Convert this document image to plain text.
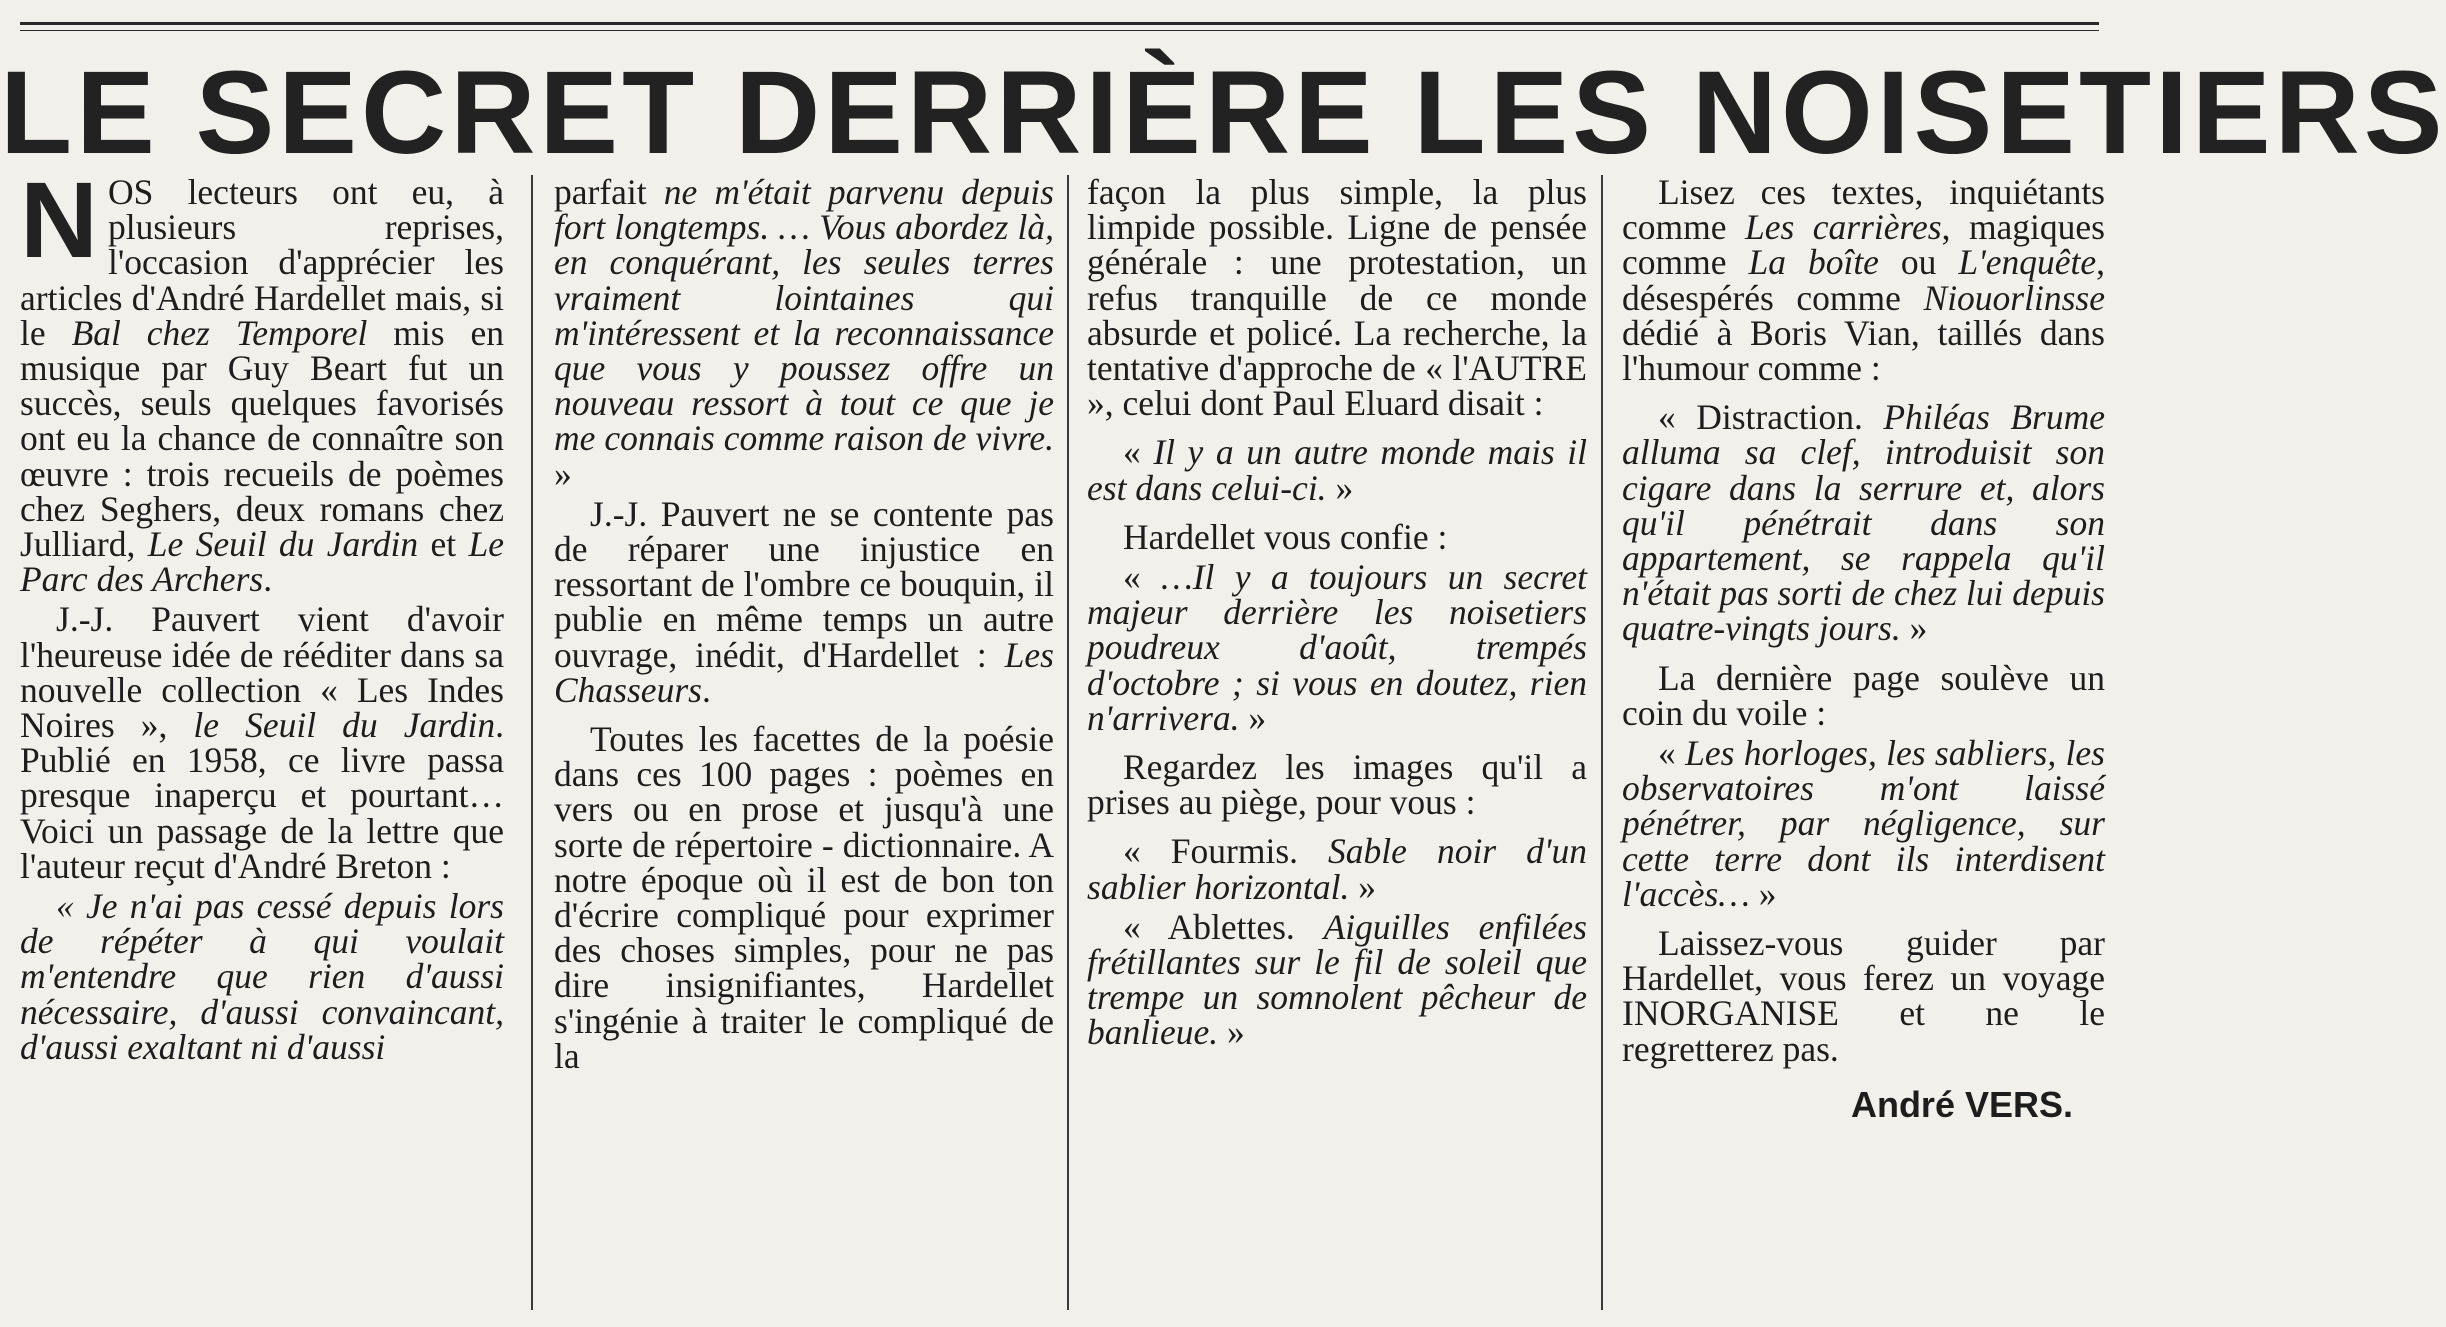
LE SECRET DERRIÈRE LES NOISETIERS

NOS lecteurs ont eu, à plusieurs reprises, l'occasion d'apprécier les articles d'André Hardellet mais, si le Bal chez Temporel mis en musique par Guy Beart fut un succès, seuls quelques favorisés ont eu la chance de connaître son œuvre : trois recueils de poèmes chez Seghers, deux romans chez Julliard, Le Seuil du Jardin et Le Parc des Archers.

J.-J. Pauvert vient d'avoir l'heureuse idée de rééditer dans sa nouvelle collection « Les Indes Noires », le Seuil du Jardin. Publié en 1958, ce livre passa presque inaperçu et pourtant… Voici un passage de la lettre que l'auteur reçut d'André Breton :

« Je n'ai pas cessé depuis lors de répéter à qui voulait m'entendre que rien d'aussi nécessaire, d'aussi convaincant, d'aussi exaltant ni d'aussi

parfait ne m'était parvenu depuis fort longtemps. … Vous abordez là, en conquérant, les seules terres vraiment lointaines qui m'intéressent et la reconnaissance que vous y poussez offre un nouveau ressort à tout ce que je me connais comme raison de vivre. »

J.-J. Pauvert ne se contente pas de réparer une injustice en ressortant de l'ombre ce bouquin, il publie en même temps un autre ouvrage, inédit, d'Hardellet : Les Chasseurs.

Toutes les facettes de la poésie dans ces 100 pages : poèmes en vers ou en prose et jusqu'à une sorte de répertoire - dictionnaire. A notre époque où il est de bon ton d'écrire compliqué pour exprimer des choses simples, pour ne pas dire insignifiantes, Hardellet s'ingénie à traiter le compliqué de la

façon la plus simple, la plus limpide possible. Ligne de pensée générale : une protestation, un refus tranquille de ce monde absurde et policé. La recherche, la tentative d'approche de « l'AUTRE », celui dont Paul Eluard disait :

« Il y a un autre monde mais il est dans celui-ci. »

Hardellet vous confie :

« …Il y a toujours un secret majeur derrière les noisetiers poudreux d'août, trempés d'octobre ; si vous en doutez, rien n'arrivera. »

Regardez les images qu'il a prises au piège, pour vous :

« Fourmis. Sable noir d'un sablier horizontal. »

« Ablettes. Aiguilles enfilées frétillantes sur le fil de soleil que trempe un somnolent pêcheur de banlieue. »

Lisez ces textes, inquiétants comme Les carrières, magiques comme La boîte ou L'enquête, désespérés comme Niouorlinsse dédié à Boris Vian, taillés dans l'humour comme :

« Distraction. Philéas Brume alluma sa clef, introduisit son cigare dans la serrure et, alors qu'il pénétrait dans son appartement, se rappela qu'il n'était pas sorti de chez lui depuis quatre-vingts jours. »

La dernière page soulève un coin du voile :

« Les horloges, les sabliers, les observatoires m'ont laissé pénétrer, par négligence, sur cette terre dont ils interdisent l'accès… »

Laissez-vous guider par Hardellet, vous ferez un voyage INORGANISE et ne le regretterez pas.

André VERS.
